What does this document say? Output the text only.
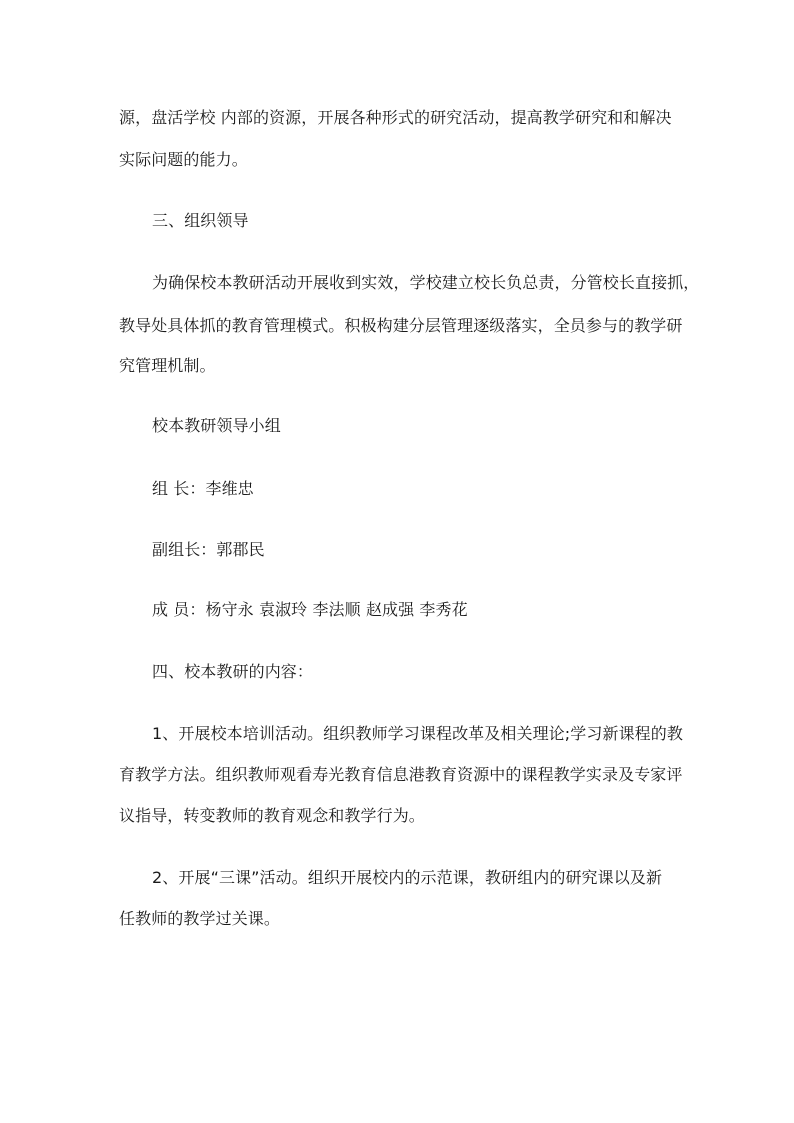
源，盘活学校 内部的资源，开展各种形式的研究活动，提高教学研究和和解决
实际问题的能力。
三、组织领导
为确保校本教研活动开展收到实效，学校建立校长负总责，分管校长直接抓，
教导处具体抓的教育管理模式。积极构建分层管理逐级落实，全员参与的教学研
究管理机制。
校本教研领导小组
组 长：李维忠
副组长：郭郡民
成 员：杨守永 袁淑玲 李法顺 赵成强 李秀花
四、校本教研的内容：
1、开展校本培训活动。组织教师学习课程改革及相关理论;学习新课程的教
育教学方法。组织教师观看寿光教育信息港教育资源中的课程教学实录及专家评
议指导，转变教师的教育观念和教学行为。
2、开展“三课”活动。组织开展校内的示范课，教研组内的研究课以及新
任教师的教学过关课。
